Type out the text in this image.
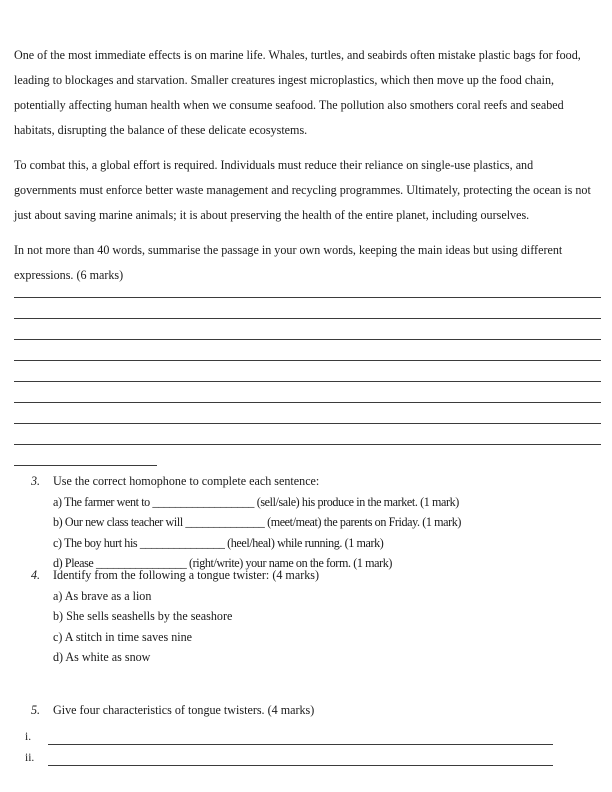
One of the most immediate effects is on marine life. Whales, turtles, and seabirds often mistake plastic bags for food, leading to blockages and starvation. Smaller creatures ingest microplastics, which then move up the food chain, potentially affecting human health when we consume seafood. The pollution also smothers coral reefs and seabed habitats, disrupting the balance of these delicate ecosystems.

To combat this, a global effort is required. Individuals must reduce their reliance on single-use plastics, and governments must enforce better waste management and recycling programmes. Ultimately, protecting the ocean is not just about saving marine animals; it is about preserving the health of the entire planet, including ourselves.

In not more than 40 words, summarise the passage in your own words, keeping the main ideas but using different expressions. (6 marks)

3. Use the correct homophone to complete each sentence:
a) The farmer went to __________________ (sell/sale) his produce in the market. (1 mark)
b) Our new class teacher will ______________ (meet/meat) the parents on Friday. (1 mark)
c) The boy hurt his _______________ (heel/heal) while running. (1 mark)
d) Please ________________ (right/write) your name on the form. (1 mark)
4. Identify from the following a tongue twister: (4 marks)
a) As brave as a lion
b) She sells seashells by the seashore
c) A stitch in time saves nine
d) As white as snow
5. Give four characteristics of tongue twisters. (4 marks)
i.
ii.
